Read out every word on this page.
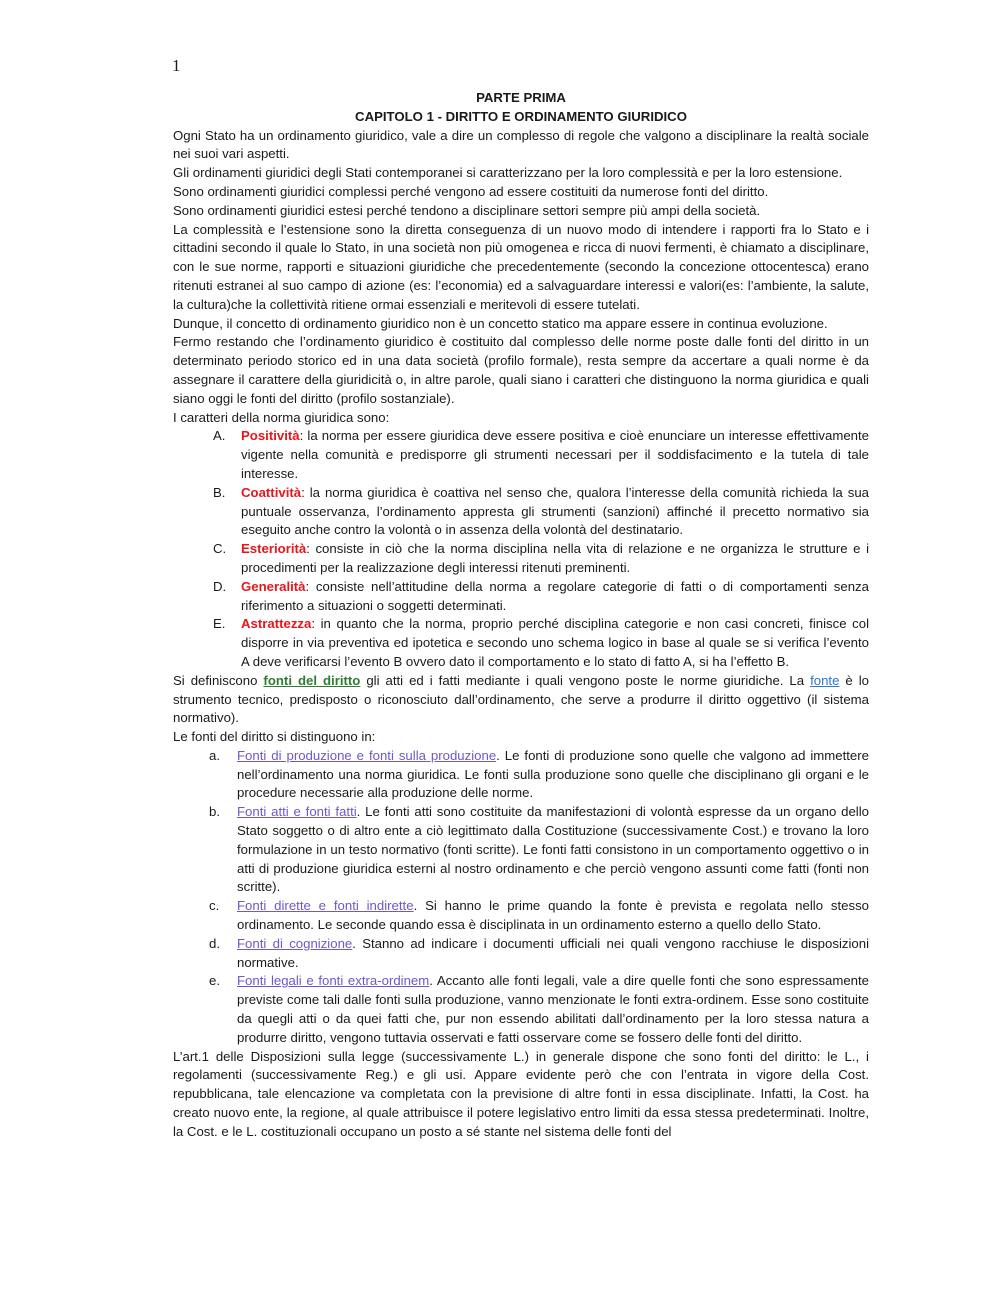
1
PARTE PRIMA
CAPITOLO 1 - DIRITTO E ORDINAMENTO GIURIDICO

Ogni Stato ha un ordinamento giuridico, vale a dire un complesso di regole che valgono a disciplinare la realtà sociale nei suoi vari aspetti.

Gli ordinamenti giuridici degli Stati contemporanei si caratterizzano per la loro complessità e per la loro estensione.

Sono ordinamenti giuridici complessi perché vengono ad essere costituiti da numerose fonti del diritto.

Sono ordinamenti giuridici estesi perché tendono a disciplinare settori sempre più ampi della società.

La complessità e l’estensione sono la diretta conseguenza di un nuovo modo di intendere i rapporti fra lo Stato e i cittadini secondo il quale lo Stato, in una società non più omogenea e ricca di nuovi fermenti, è chiamato a disciplinare, con le sue norme, rapporti e situazioni giuridiche che precedentemente (secondo la concezione ottocentesca) erano ritenuti estranei al suo campo di azione (es: l’economia) ed a salvaguardare interessi e valori(es: l’ambiente, la salute, la cultura)che la collettività ritiene ormai essenziali e meritevoli di essere tutelati.

Dunque, il concetto di ordinamento giuridico non è un concetto statico ma appare essere in continua evoluzione.

Fermo restando che l’ordinamento giuridico è costituito dal complesso delle norme poste dalle fonti del diritto in un determinato periodo storico ed in una data società (profilo formale), resta sempre da accertare a quali norme è da assegnare il carattere della giuridicità o, in altre parole, quali siano i caratteri che distinguono la norma giuridica e quali siano oggi le fonti del diritto (profilo sostanziale).

I caratteri della norma giuridica sono:

A. Positività: la norma per essere giuridica deve essere positiva e cioè enunciare un interesse effettivamente vigente nella comunità e predisporre gli strumenti necessari per il soddisfacimento e la tutela di tale interesse.
B. Coattività: la norma giuridica è coattiva nel senso che, qualora l’interesse della comunità richieda la sua puntuale osservanza, l’ordinamento appresta gli strumenti (sanzioni) affinché il precetto normativo sia eseguito anche contro la volontà o in assenza della volontà del destinatario.
C. Esteriorità: consiste in ciò che la norma disciplina nella vita di relazione e ne organizza le strutture e i procedimenti per la realizzazione degli interessi ritenuti preminenti.
D. Generalità: consiste nell’attitudine della norma a regolare categorie di fatti o di comportamenti senza riferimento a situazioni o soggetti determinati.
E. Astrattezza: in quanto che la norma, proprio perché disciplina categorie e non casi concreti, finisce col disporre in via preventiva ed ipotetica e secondo uno schema logico in base al quale se si verifica l’evento A deve verificarsi l’evento B ovvero dato il comportamento e lo stato di fatto A, si ha l’effetto B.

Si definiscono fonti del diritto gli atti ed i fatti mediante i quali vengono poste le norme giuridiche. La fonte è lo strumento tecnico, predisposto o riconosciuto dall’ordinamento, che serve a produrre il diritto oggettivo (il sistema normativo).

Le fonti del diritto si distinguono in:

a. Fonti di produzione e fonti sulla produzione. Le fonti di produzione sono quelle che valgono ad immettere nell’ordinamento una norma giuridica. Le fonti sulla produzione sono quelle che disciplinano gli organi e le procedure necessarie alla produzione delle norme.
b. Fonti atti e fonti fatti. Le fonti atti sono costituite da manifestazioni di volontà espresse da un organo dello Stato soggetto o di altro ente a ciò legittimato dalla Costituzione (successivamente Cost.) e trovano la loro formulazione in un testo normativo (fonti scritte). Le fonti fatti consistono in un comportamento oggettivo o in atti di produzione giuridica esterni al nostro ordinamento e che perciò vengono assunti come fatti (fonti non scritte).
c. Fonti dirette e fonti indirette. Si hanno le prime quando la fonte è prevista e regolata nello stesso ordinamento. Le seconde quando essa è disciplinata in un ordinamento esterno a quello dello Stato.
d. Fonti di cognizione. Stanno ad indicare i documenti ufficiali nei quali vengono racchiuse le disposizioni normative.
e. Fonti legali e fonti extra-ordinem. Accanto alle fonti legali, vale a dire quelle fonti che sono espressamente previste come tali dalle fonti sulla produzione, vanno menzionate le fonti extra-ordinem. Esse sono costituite da quegli atti o da quei fatti che, pur non essendo abilitati dall’ordinamento per la loro stessa natura a produrre diritto, vengono tuttavia osservati e fatti osservare come se fossero delle fonti del diritto.

L’art.1 delle Disposizioni sulla legge (successivamente L.) in generale dispone che sono fonti del diritto: le L., i regolamenti (successivamente Reg.) e gli usi. Appare evidente però che con l’entrata in vigore della Cost. repubblicana, tale elencazione va completata con la previsione di altre fonti in essa disciplinate. Infatti, la Cost. ha creato nuovo ente, la regione, al quale attribuisce il potere legislativo entro limiti da essa stessa predeterminati. Inoltre, la Cost. e le L. costituzionali occupano un posto a sé stante nel sistema delle fonti del
